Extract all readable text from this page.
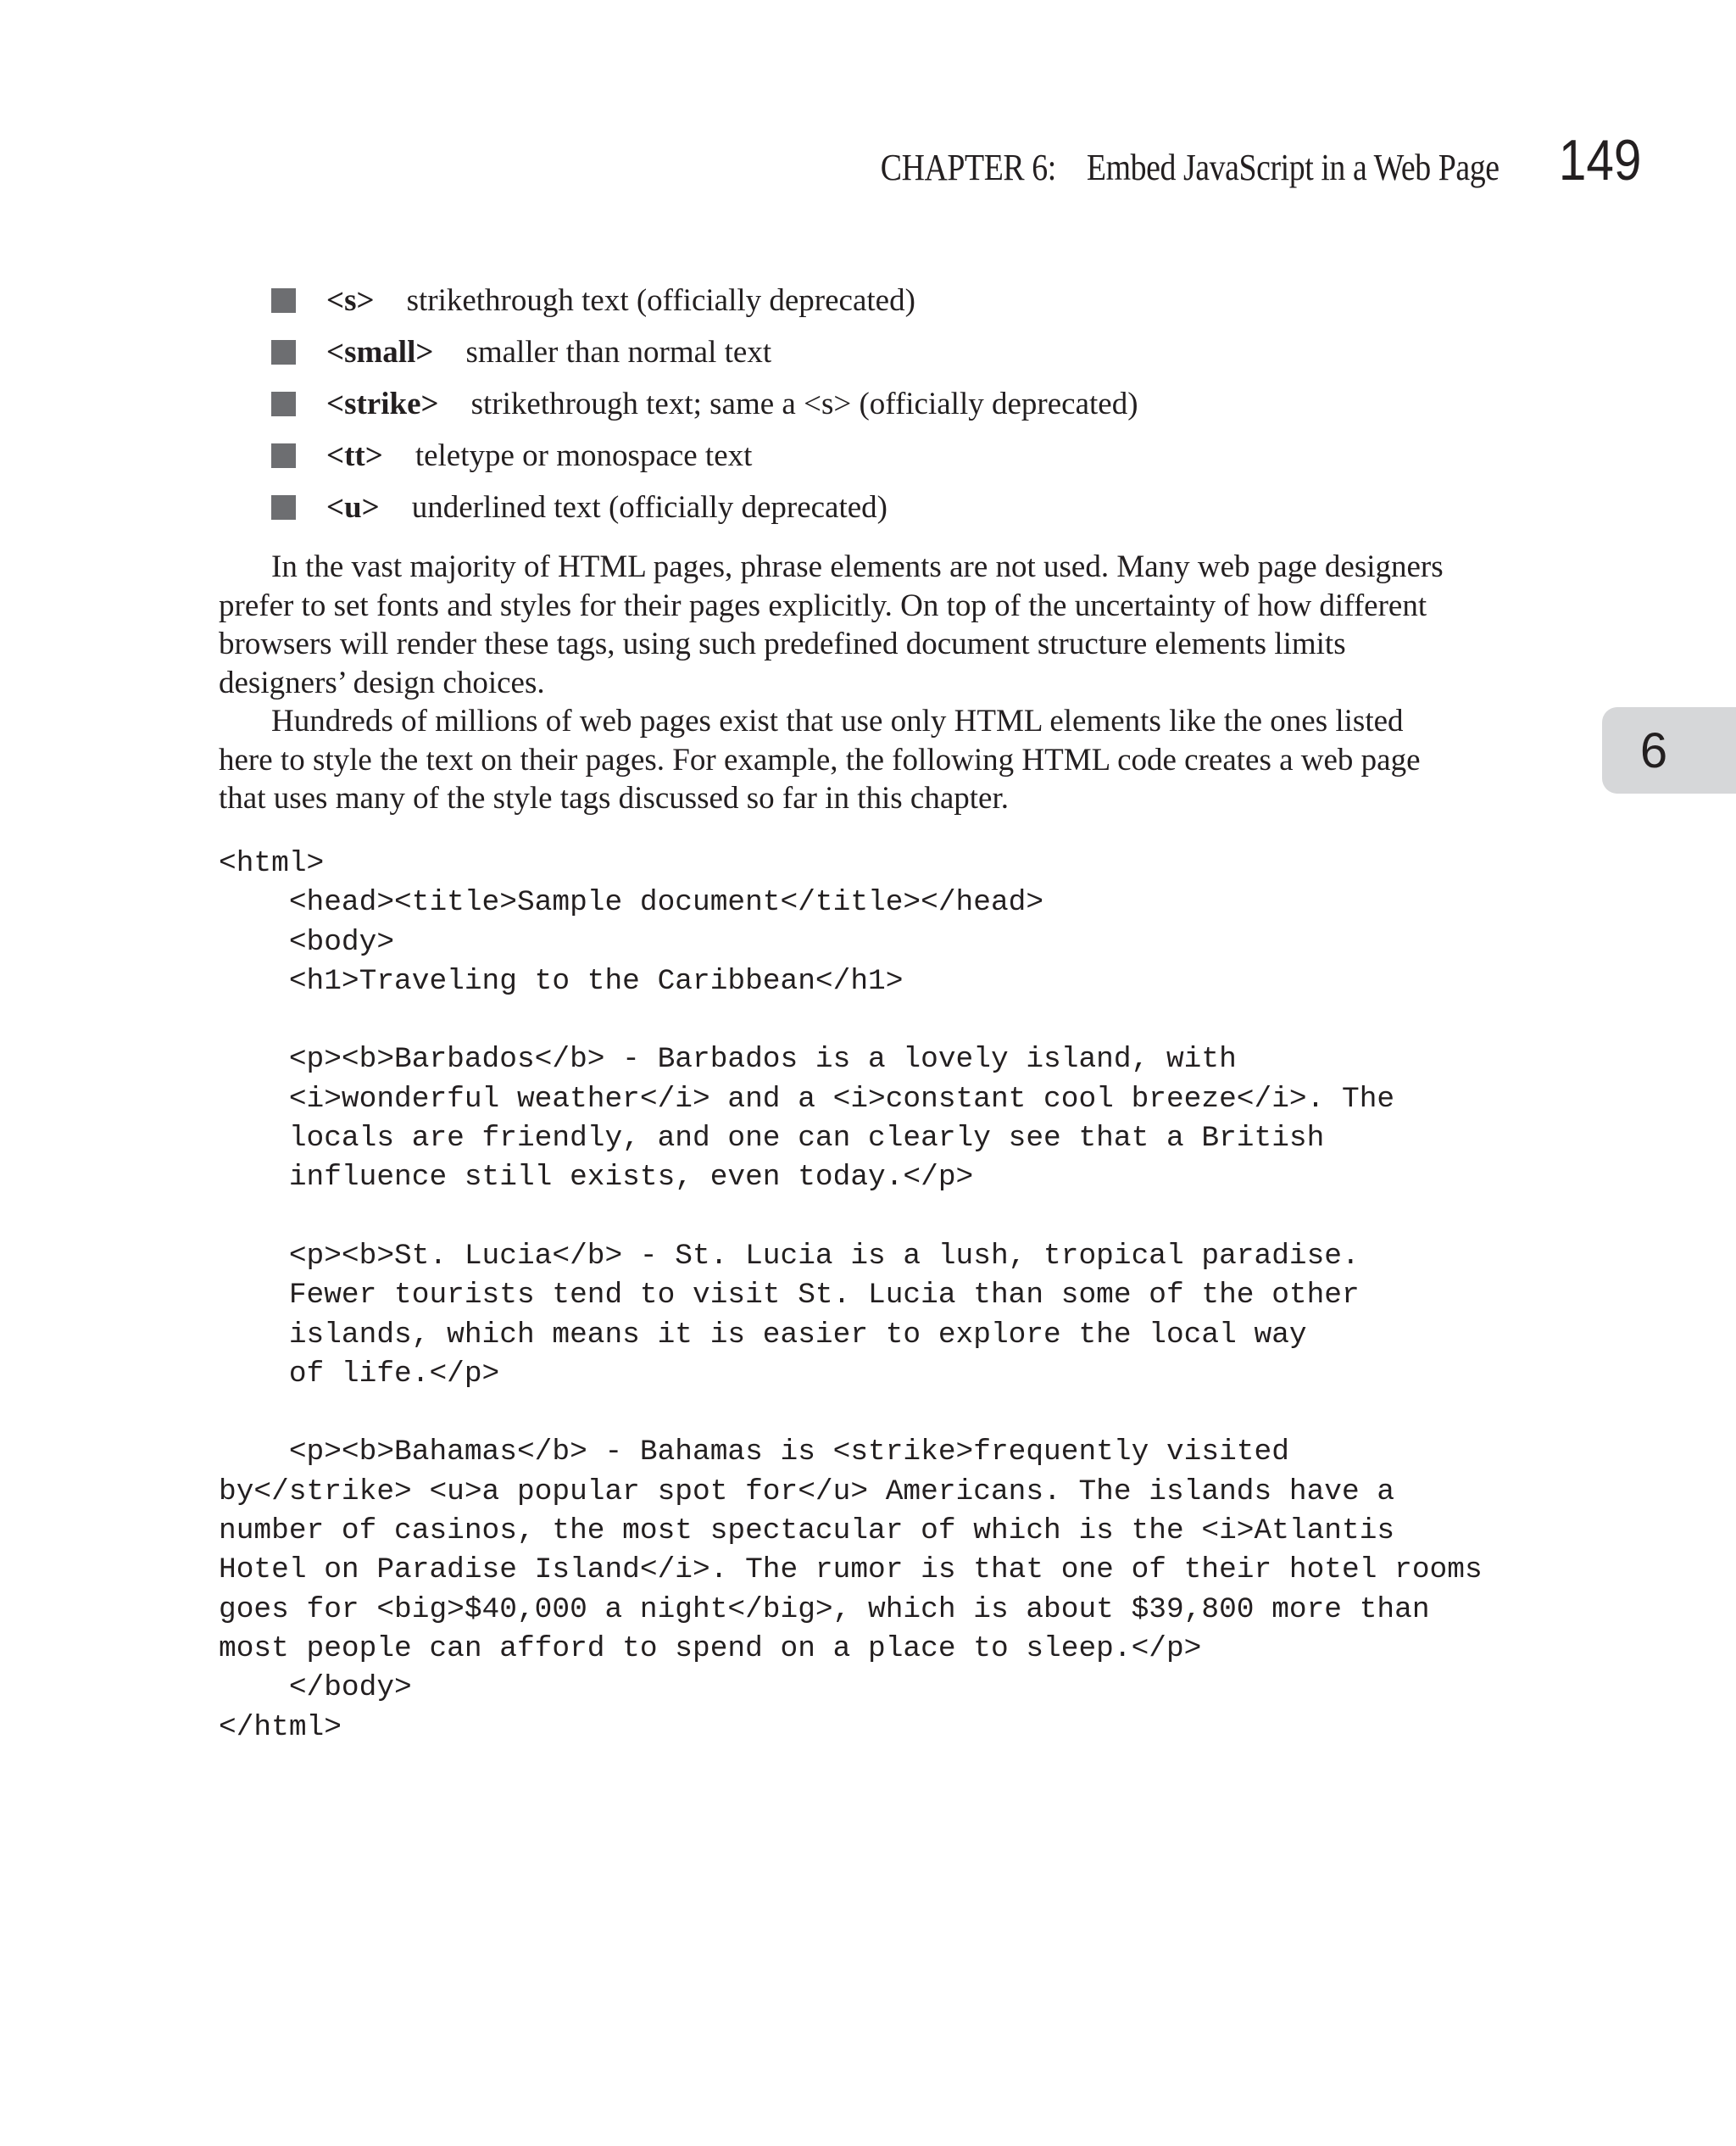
CHAPTER 6: Embed JavaScript in a Web Page 149
6
<s> strikethrough text (officially deprecated)
<small> smaller than normal text
<strike> strikethrough text; same a <s> (officially deprecated)
<tt> teletype or monospace text
<u> underlined text (officially deprecated)

In the vast majority of HTML pages, phrase elements are not used. Many web page designers
prefer to set fonts and styles for their pages explicitly. On top of the uncertainty of how different
browsers will render these tags, using such predefined document structure elements limits
designers’ design choices.

Hundreds of millions of web pages exist that use only HTML elements like the ones listed
here to style the text on their pages. For example, the following HTML code creates a web page
that uses many of the style tags discussed so far in this chapter.

<html>
<head><title>Sample document</title></head>
<body>
<h1>Traveling to the Caribbean</h1>

<p><b>Barbados</b> - Barbados is a lovely island, with
<i>wonderful weather</i> and a <i>constant cool breeze</i>. The
locals are friendly, and one can clearly see that a British
influence still exists, even today.</p>

<p><b>St. Lucia</b> - St. Lucia is a lush, tropical paradise.
Fewer tourists tend to visit St. Lucia than some of the other
islands, which means it is easier to explore the local way
of life.</p>

<p><b>Bahamas</b> - Bahamas is <strike>frequently visited
by</strike> <u>a popular spot for</u> Americans. The islands have a
number of casinos, the most spectacular of which is the <i>Atlantis
Hotel on Paradise Island</i>. The rumor is that one of their hotel rooms
goes for <big>$40,000 a night</big>, which is about $39,800 more than
most people can afford to spend on a place to sleep.</p>
</body>
</html>
